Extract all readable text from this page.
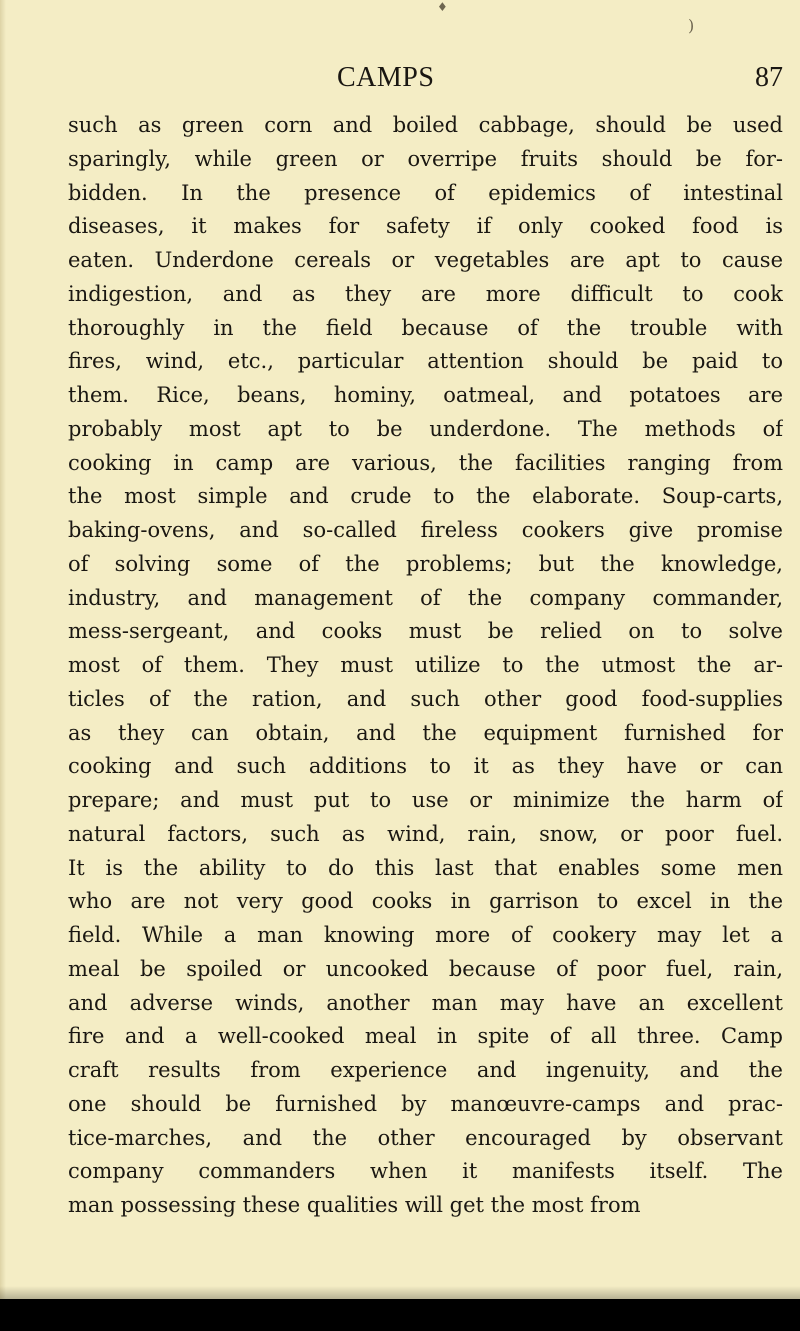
♦
)
CAMPS	87
such as green corn and boiled cabbage, should be used
sparingly, while green or overripe fruits should be for-
bidden. In the presence of epidemics of intestinal
diseases, it makes for safety if only cooked food is
eaten. Underdone cereals or vegetables are apt to cause
indigestion, and as they are more difficult to cook
thoroughly in the field because of the trouble with
fires, wind, etc., particular attention should be paid to
them. Rice, beans, hominy, oatmeal, and potatoes are
probably most apt to be underdone. The methods of
cooking in camp are various, the facilities ranging from
the most simple and crude to the elaborate. Soup-carts,
baking-ovens, and so-called fireless cookers give promise
of solving some of the problems; but the knowledge,
industry, and management of the company commander,
mess-sergeant, and cooks must be relied on to solve
most of them. They must utilize to the utmost the ar-
ticles of the ration, and such other good food-supplies
as they can obtain, and the equipment furnished for
cooking and such additions to it as they have or can
prepare; and must put to use or minimize the harm of
natural factors, such as wind, rain, snow, or poor fuel.
It is the ability to do this last that enables some men
who are not very good cooks in garrison to excel in the
field. While a man knowing more of cookery may let a
meal be spoiled or uncooked because of poor fuel, rain,
and adverse winds, another man may have an excellent
fire and a well-cooked meal in spite of all three. Camp
craft results from experience and ingenuity, and the
one should be furnished by manœuvre-camps and prac-
tice-marches, and the other encouraged by observant
company commanders when it manifests itself. The
man possessing these qualities will get the most from
